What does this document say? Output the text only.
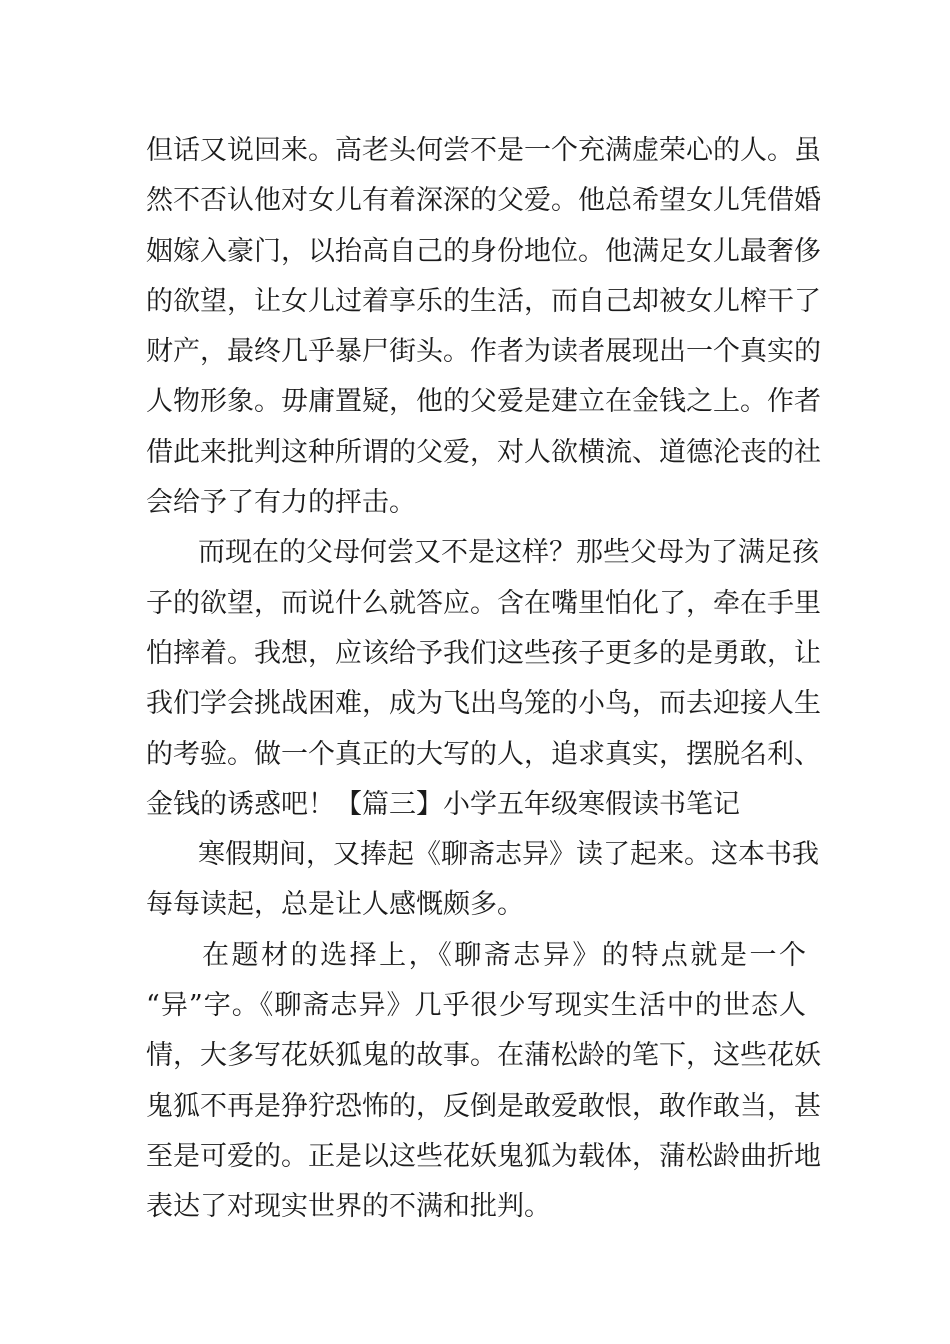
但话又说回来。高老头何尝不是一个充满虚荣心的人。虽
然不否认他对女儿有着深深的父爱。他总希望女儿凭借婚
姻嫁入豪门，以抬高自己的身份地位。他满足女儿最奢侈
的欲望，让女儿过着享乐的生活，而自己却被女儿榨干了
财产，最终几乎暴尸街头。作者为读者展现出一个真实的
人物形象。毋庸置疑，他的父爱是建立在金钱之上。作者
借此来批判这种所谓的父爱，对人欲横流、道德沦丧的社
会给予了有力的抨击。
而现在的父母何尝又不是这样？那些父母为了满足孩
子的欲望，而说什么就答应。含在嘴里怕化了，牵在手里
怕摔着。我想，应该给予我们这些孩子更多的是勇敢，让
我们学会挑战困难，成为飞出鸟笼的小鸟，而去迎接人生
的考验。做一个真正的大写的人，追求真实，摆脱名利、
金钱的诱惑吧！【篇三】小学五年级寒假读书笔记
寒假期间，又捧起《聊斋志异》读了起来。这本书我
每每读起，总是让人感慨颇多。
在题材的选择上，《聊斋志异》的特点就是一个
“异”字。《聊斋志异》几乎很少写现实生活中的世态人
情，大多写花妖狐鬼的故事。在蒲松龄的笔下，这些花妖
鬼狐不再是狰狞恐怖的，反倒是敢爱敢恨，敢作敢当，甚
至是可爱的。正是以这些花妖鬼狐为载体，蒲松龄曲折地
表达了对现实世界的不满和批判。
